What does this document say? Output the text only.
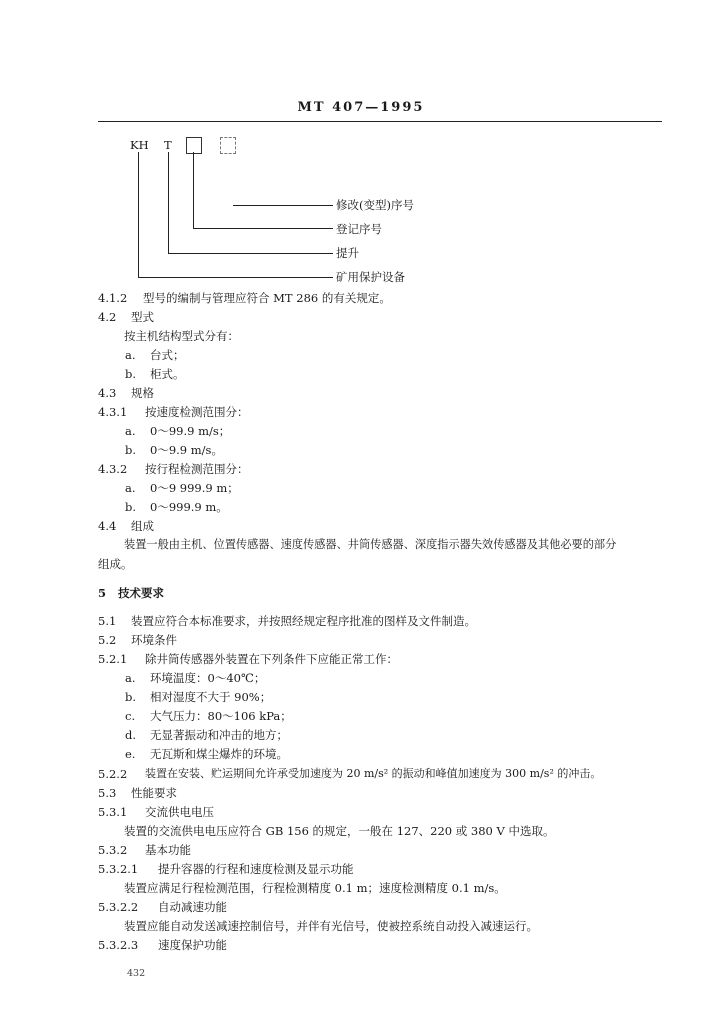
MT 407—1995
KH T
修改(变型)序号
登记序号
提升
矿用保护设备
4.1.2 型号的编制与管理应符合 MT 286 的有关规定。
4.2 型式
按主机结构型式分有：
a. 台式；
b. 柜式。
4.3 规格
4.3.1 按速度检测范围分：
a. 0～99.9 m/s；
b. 0～9.9 m/s。
4.3.2 按行程检测范围分：
a. 0～9 999.9 m；
b. 0～999.9 m。
4.4 组成
装置一般由主机、位置传感器、速度传感器、井筒传感器、深度指示器失效传感器及其他必要的部分
组成。
5 技术要求
5.1 装置应符合本标准要求，并按照经规定程序批准的图样及文件制造。
5.2 环境条件
5.2.1 除井筒传感器外装置在下列条件下应能正常工作：
a. 环境温度：0～40℃；
b. 相对湿度不大于 90%；
c. 大气压力：80～106 kPa；
d. 无显著振动和冲击的地方；
e. 无瓦斯和煤尘爆炸的环境。
5.2.2 装置在安装、贮运期间允许承受加速度为 20 m/s² 的振动和峰值加速度为 300 m/s² 的冲击。
5.3 性能要求
5.3.1 交流供电电压
装置的交流供电电压应符合 GB 156 的规定，一般在 127、220 或 380 V 中选取。
5.3.2 基本功能
5.3.2.1 提升容器的行程和速度检测及显示功能
装置应满足行程检测范围，行程检测精度 0.1 m；速度检测精度 0.1 m/s。
5.3.2.2 自动减速功能
装置应能自动发送减速控制信号，并伴有光信号，使被控系统自动投入减速运行。
5.3.2.3 速度保护功能
432
